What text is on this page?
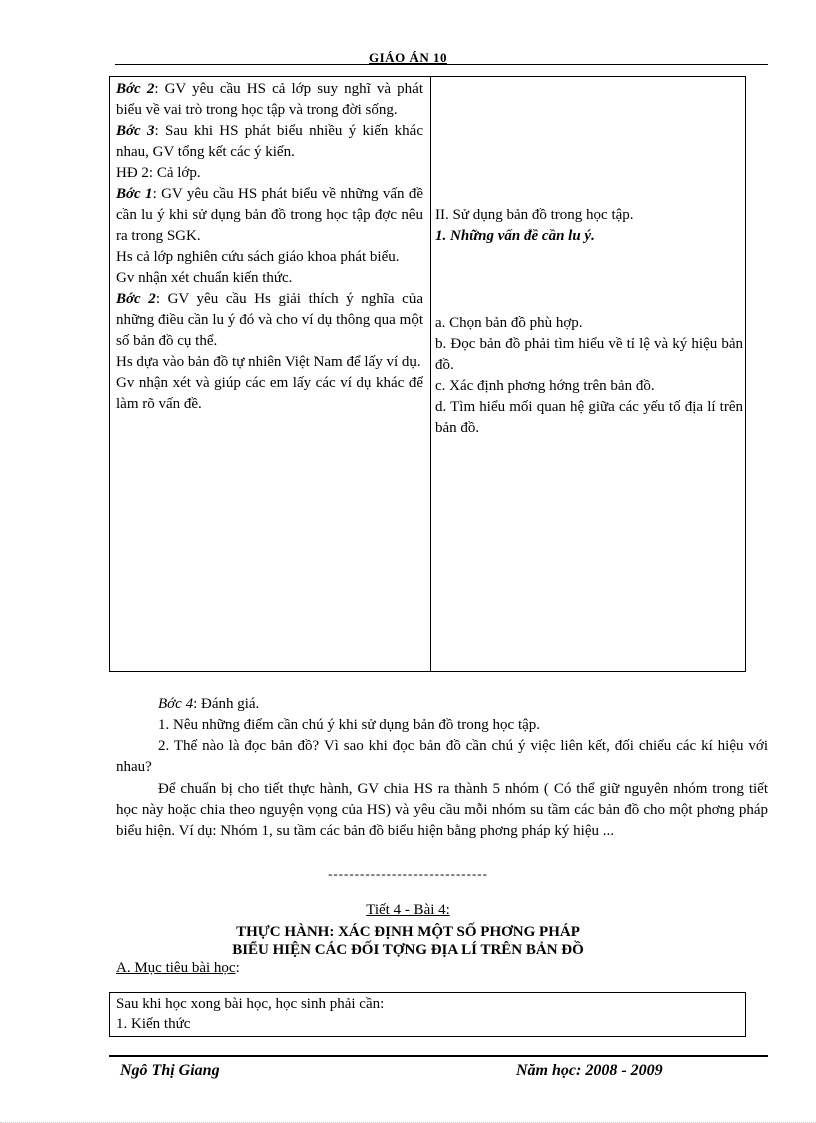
GIÁO ÁN 10

Bớc 2: GV yêu cầu HS cả lớp suy nghĩ và phát biểu về vai trò trong học tập và trong đời sống.

Bớc 3: Sau khi HS phát biểu nhiều ý kiến khác nhau, GV tổng kết các ý kiến.

HĐ 2: Cả lớp.

Bớc 1: GV yêu cầu HS phát biểu về những vấn đề cần lu ý khi sử dụng bản đồ trong học tập đợc nêu ra trong SGK.

Hs cả lớp nghiên cứu sách giáo khoa phát biểu.

Gv nhận xét chuẩn kiến thức.

Bớc 2: GV yêu cầu Hs giải thích ý nghĩa của những điều cần lu ý đó và cho ví dụ thông qua một số bản đồ cụ thể.

Hs dựa vào bản đồ tự nhiên Việt Nam để lấy ví dụ.

Gv nhận xét và giúp các em lấy các ví dụ khác để làm rõ vấn đề.

II. Sử dụng bản đồ trong học tập.

1. Những vấn đề cần lu ý.

a. Chọn bản đồ phù hợp.

b. Đọc bản đồ phải tìm hiểu về tỉ lệ và ký hiệu bản đồ.

c. Xác định phơng hớng trên bản đồ.

d. Tìm hiểu mối quan hệ giữa các yếu tố địa lí trên bản đồ.

Bớc 4: Đánh giá.

1. Nêu những điểm cần chú ý khi sử dụng bản đồ trong học tập.

2. Thế nào là đọc bản đồ? Vì sao khi đọc bản đồ cần chú ý việc liên kết, đối chiếu các kí hiệu với nhau?

Để chuẩn bị cho tiết thực hành, GV chia HS ra thành 5 nhóm ( Có thể giữ nguyên nhóm trong tiết học này hoặc chia theo nguyện vọng của HS) và yêu cầu mỗi nhóm su tầm các bản đồ cho một phơng pháp biểu hiện. Ví dụ: Nhóm 1, su tầm các bản đồ biểu hiện bằng phơng pháp ký hiệu ...

------------------------------
Tiết 4 - Bài 4:
THỰC HÀNH: XÁC ĐỊNH MỘT SỐ PHƠNG PHÁP
BIỂU HIỆN CÁC ĐỐI TỢNG ĐỊA LÍ TRÊN BẢN ĐỒ
A. Mục tiêu bài học:

Sau khi học xong bài học, học sinh phải cần:

1. Kiến thức

Ngô Thị Giang	Năm học: 2008 - 2009
